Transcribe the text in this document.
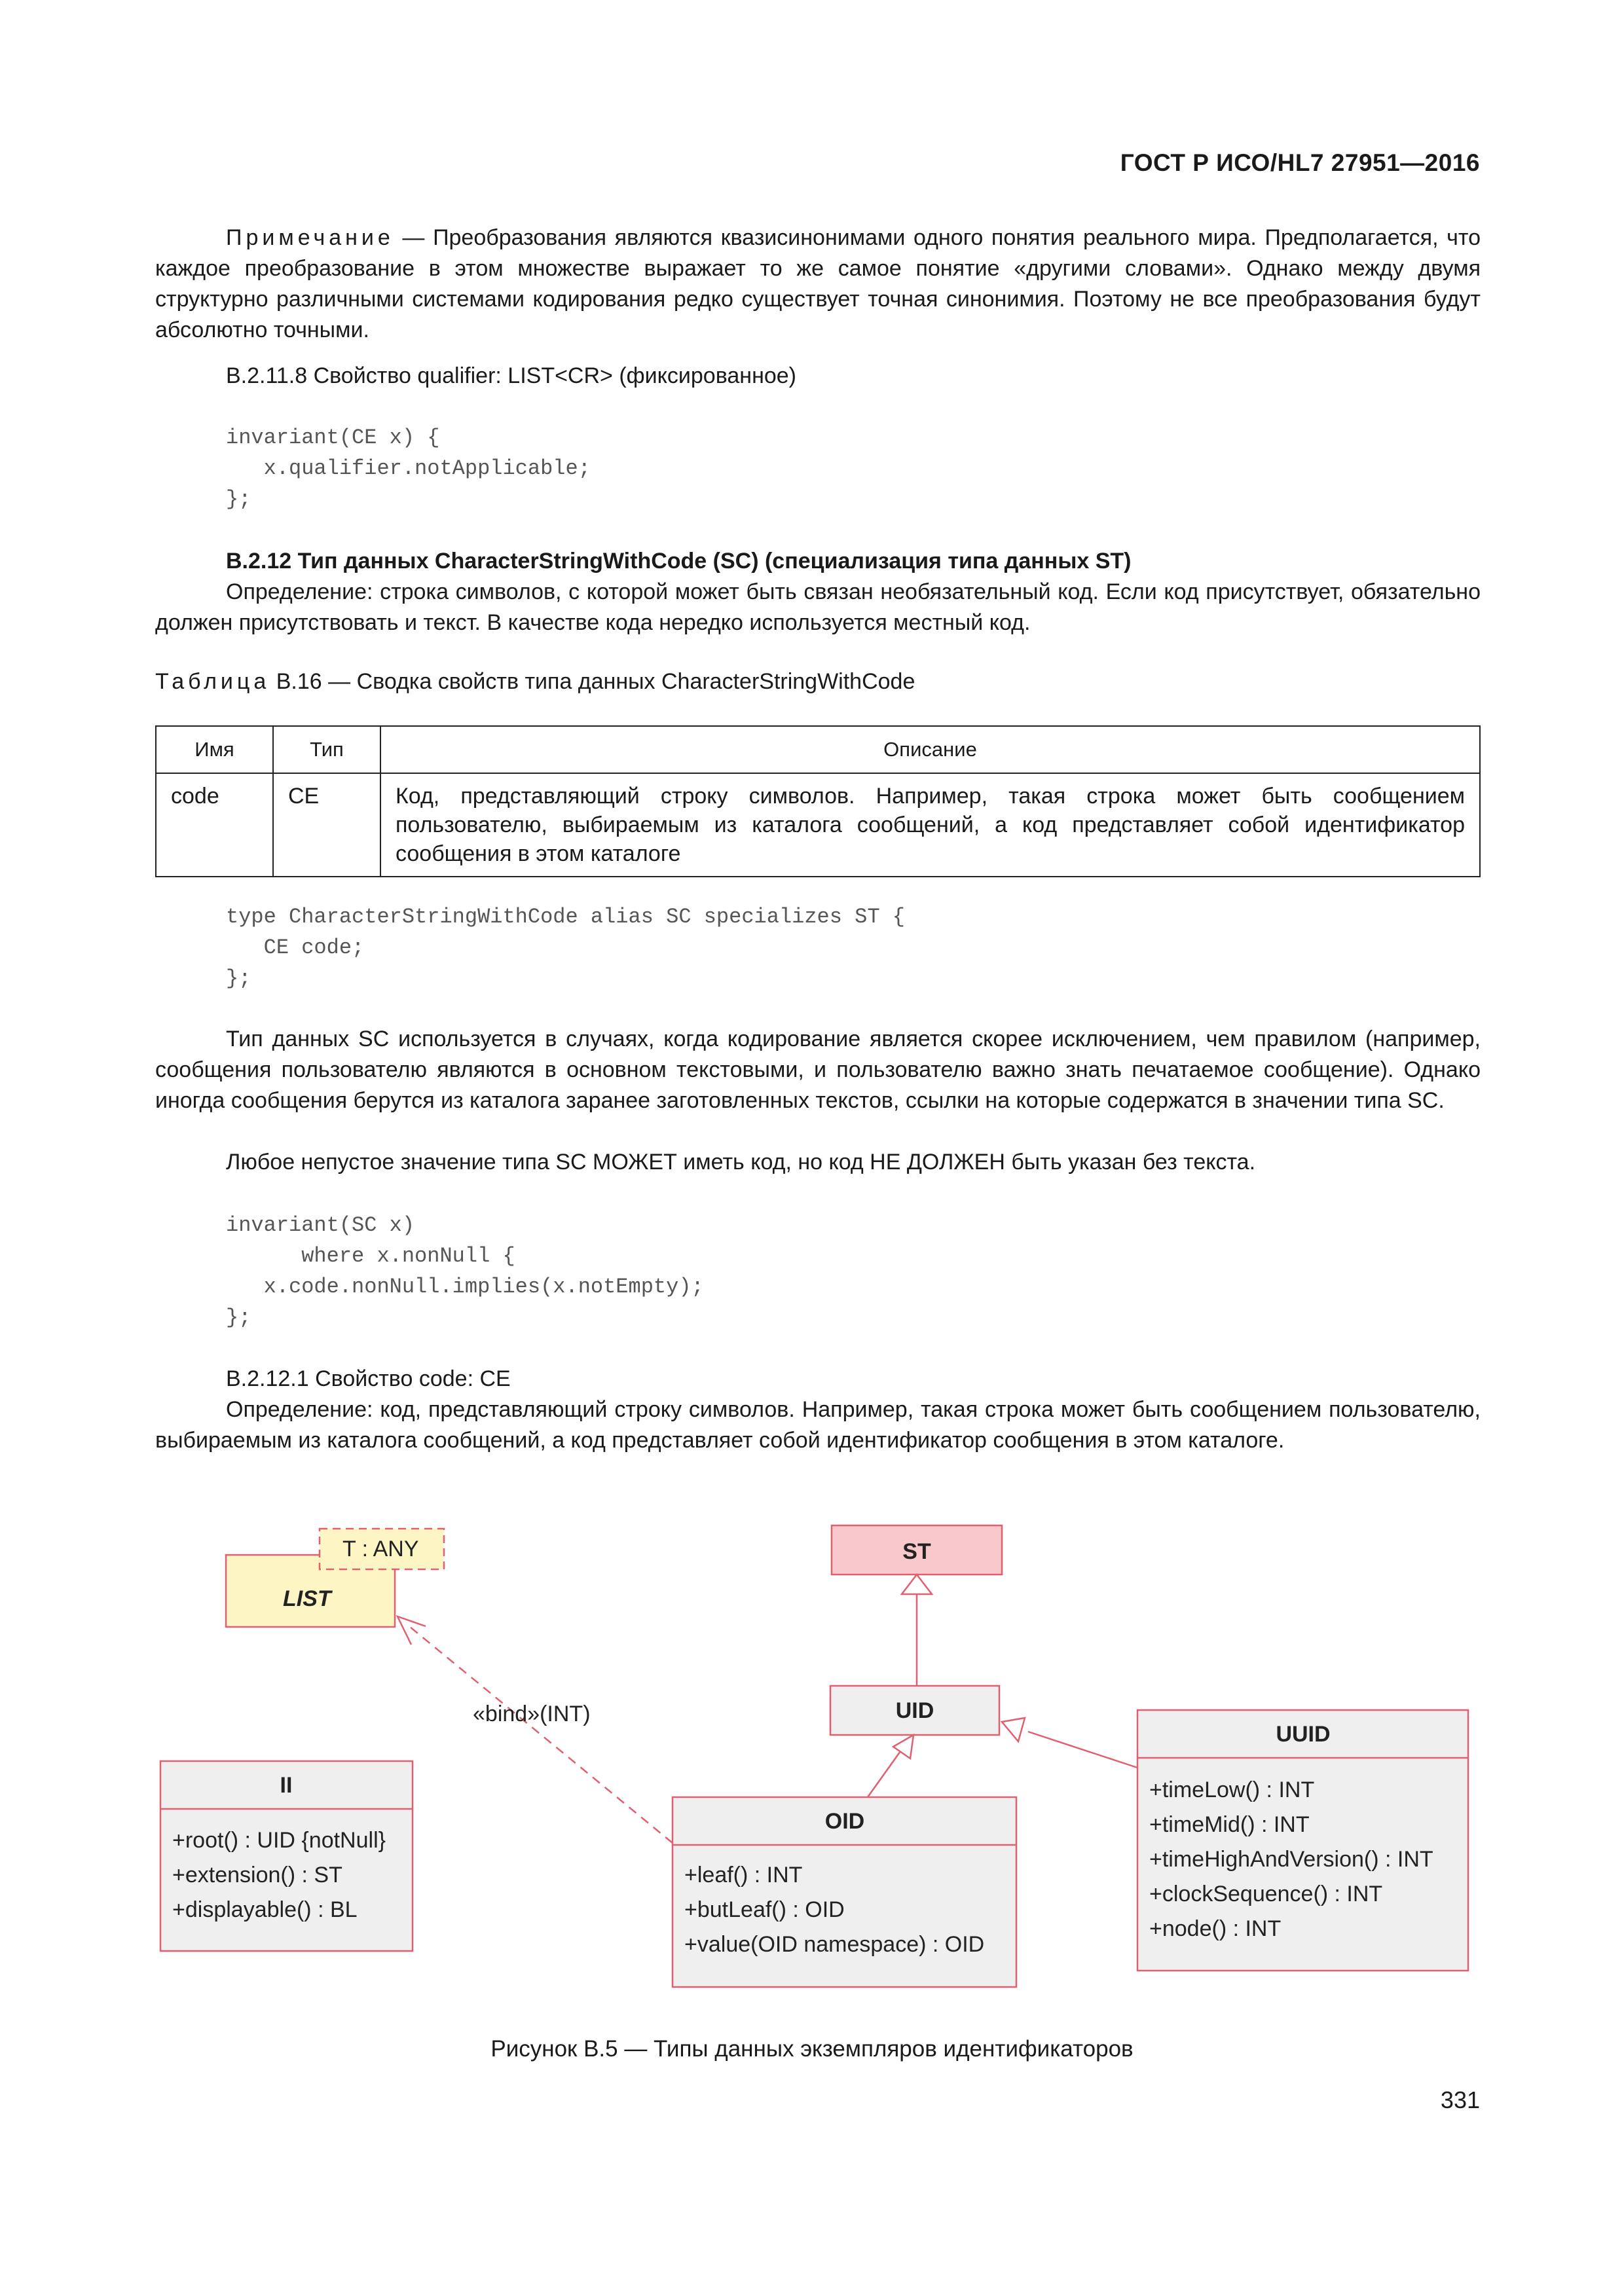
ГОСТ Р ИСО/HL7 27951—2016
Примечание — Преобразования являются квазисинонимами одного понятия реального мира. Предполагается, что каждое преобразование в этом множестве выражает то же самое понятие «другими словами». Однако между двумя структурно различными системами кодирования редко существует точная синонимия. Поэтому не все преобразования будут абсолютно точными.
В.2.11.8 Свойство qualifier: LIST<CR> (фиксированное)
invariant(CE x) {
x.qualifier.notApplicable;
};
В.2.12 Тип данных CharacterStringWithCode (SC) (специализация типа данных ST)
Определение: строка символов, с которой может быть связан необязательный код. Если код присутствует, обязательно должен присутствовать и текст. В качестве кода нередко используется местный код.
Таблица В.16 — Сводка свойств типа данных CharacterStringWithCode
Имя	Тип	Описание
code	CE	Код, представляющий строку символов. Например, такая строка может быть сообщением пользователю, выбираемым из каталога сообщений, а код представляет собой идентификатор сообщения в этом каталоге
type CharacterStringWithCode alias SC specializes ST {
CE code;
};
Тип данных SC используется в случаях, когда кодирование является скорее исключением, чем правилом (например, сообщения пользователю являются в основном текстовыми, и пользователю важно знать печатаемое сообщение). Однако иногда сообщения берутся из каталога заранее заготовленных текстов, ссылки на которые содержатся в значении типа SC.
Любое непустое значение типа SC МОЖЕТ иметь код, но код НЕ ДОЛЖЕН быть указан без текста.
invariant(SC x)
where x.nonNull {
x.code.nonNull.implies(x.notEmpty);
};
В.2.12.1 Свойство code: CE
Определение: код, представляющий строку символов. Например, такая строка может быть сообщением пользователю, выбираемым из каталога сообщений, а код представляет собой идентификатор сообщения в этом каталоге.
T : ANY
LIST
ST
UID
II
+root() : UID {notNull}
+extension() : ST
+displayable() : BL
OID
+leaf() : INT
+butLeaf() : OID
+value(OID namespace) : OID
UUID
+timeLow() : INT
+timeMid() : INT
+timeHighAndVersion() : INT
+clockSequence() : INT
+node() : INT
«bind»(INT)
Рисунок В.5 — Типы данных экземпляров идентификаторов
331
